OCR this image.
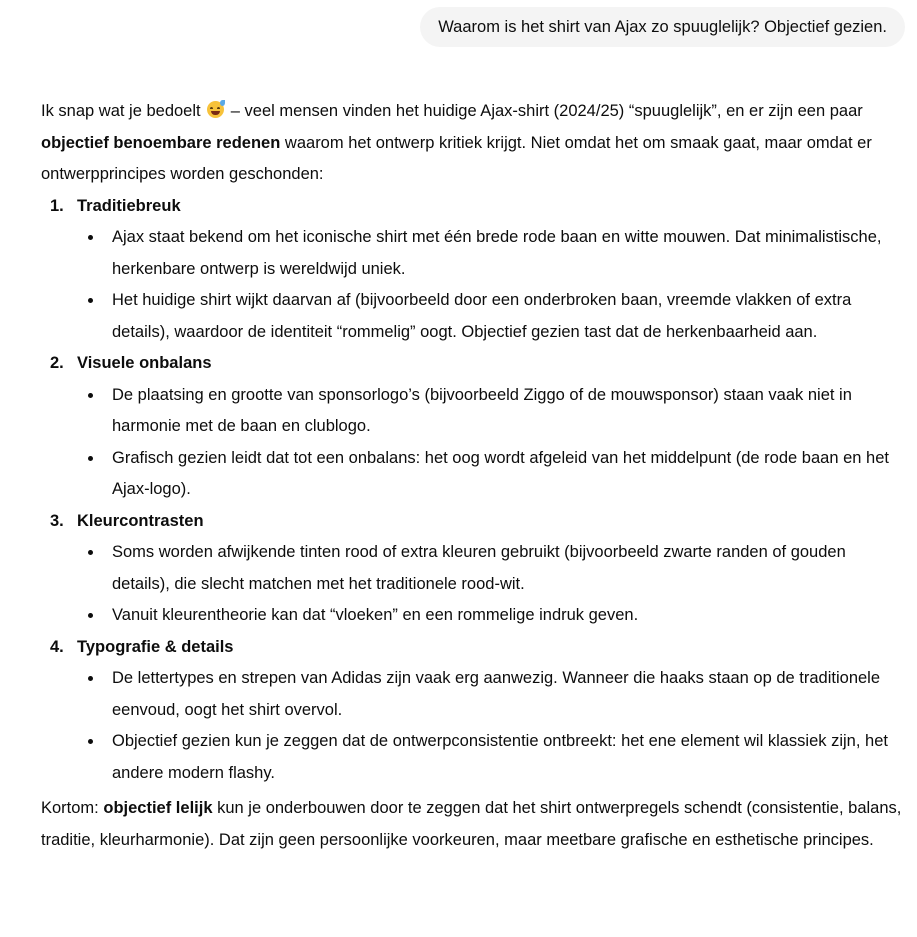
Waarom is het shirt van Ajax zo spuuglelijk? Objectief gezien.

Ik snap wat je bedoelt – veel mensen vinden het huidige Ajax-shirt (2024/25) “spuuglelijk”, en er zijn een paar objectief benoembare redenen waarom het ontwerp kritiek krijgt. Niet omdat het om smaak gaat, maar omdat er ontwerpprincipes worden geschonden:

1. Traditiebreuk
Ajax staat bekend om het iconische shirt met één brede rode baan en witte mouwen. Dat minimalistische, herkenbare ontwerp is wereldwijd uniek.
Het huidige shirt wijkt daarvan af (bijvoorbeeld door een onderbroken baan, vreemde vlakken of extra details), waardoor de identiteit “rommelig” oogt. Objectief gezien tast dat de herkenbaarheid aan.
2. Visuele onbalans
De plaatsing en grootte van sponsorlogo’s (bijvoorbeeld Ziggo of de mouwsponsor) staan vaak niet in harmonie met de baan en clublogo.
Grafisch gezien leidt dat tot een onbalans: het oog wordt afgeleid van het middelpunt (de rode baan en het Ajax-logo).
3. Kleurcontrasten
Soms worden afwijkende tinten rood of extra kleuren gebruikt (bijvoorbeeld zwarte randen of gouden details), die slecht matchen met het traditionele rood-wit.
Vanuit kleurentheorie kan dat “vloeken” en een rommelige indruk geven.
4. Typografie & details
De lettertypes en strepen van Adidas zijn vaak erg aanwezig. Wanneer die haaks staan op de traditionele eenvoud, oogt het shirt overvol.
Objectief gezien kun je zeggen dat de ontwerpconsistentie ontbreekt: het ene element wil klassiek zijn, het andere modern flashy.

Kortom: objectief lelijk kun je onderbouwen door te zeggen dat het shirt ontwerpregels schendt (consistentie, balans, traditie, kleurharmonie). Dat zijn geen persoonlijke voorkeuren, maar meetbare grafische en esthetische principes.
